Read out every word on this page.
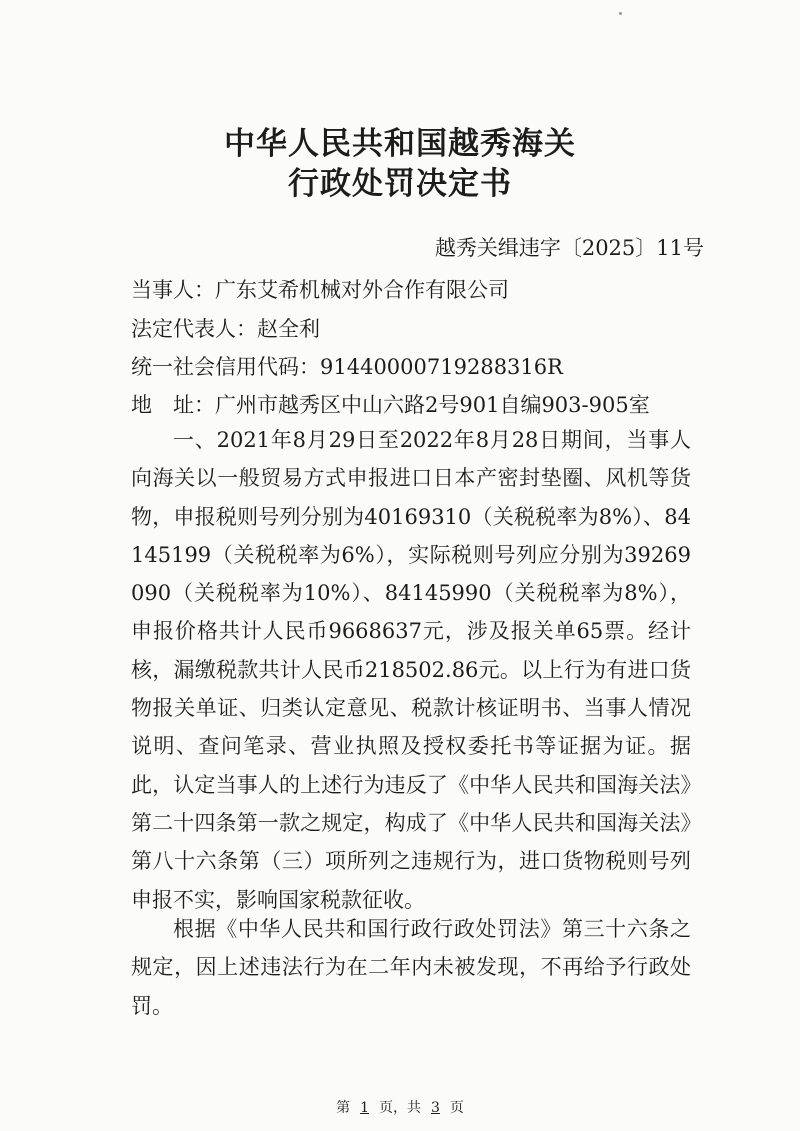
中华人民共和国越秀海关
行政处罚决定书
越秀关缉违字〔2025〕11号
当事人：广东艾希机械对外合作有限公司
法定代表人：赵全利
统一社会信用代码：91440000719288316R
地　址：广州市越秀区中山六路2号901自编903-905室
一、2021年8月29日至2022年8月28日期间，当事人向海关以一般贸易方式申报进口日本产密封垫圈、风机等货物，申报税则号列分别为40169310（关税税率为8%）、84145199（关税税率为6%），实际税则号列应分别为39269090（关税税率为10%）、84145990（关税税率为8%），申报价格共计人民币9668637元，涉及报关单65票。经计核，漏缴税款共计人民币218502.86元。以上行为有进口货物报关单证、归类认定意见、税款计核证明书、当事人情况说明、查问笔录、营业执照及授权委托书等证据为证。据此，认定当事人的上述行为违反了《中华人民共和国海关法》第二十四条第一款之规定，构成了《中华人民共和国海关法》第八十六条第（三）项所列之违规行为，进口货物税则号列申报不实，影响国家税款征收。
根据《中华人民共和国行政行政处罚法》第三十六条之规定，因上述违法行为在二年内未被发现，不再给予行政处罚。
第 1 页，共 3 页
